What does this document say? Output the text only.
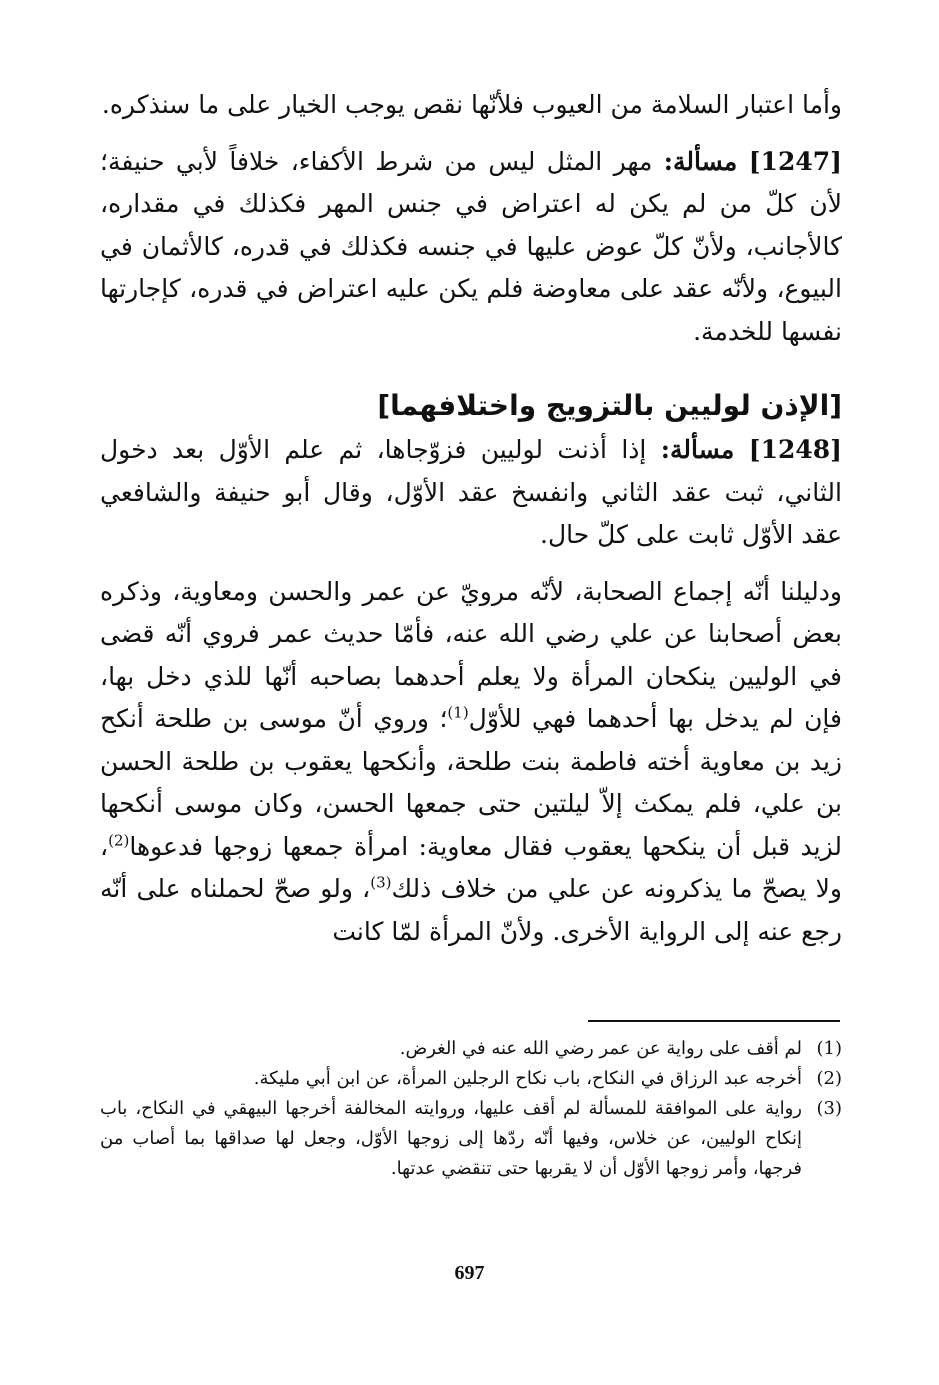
وأما اعتبار السلامة من العيوب فلأنّها نقص يوجب الخيار على ما سنذكره.

[1247] مسألة: مهر المثل ليس من شرط الأكفاء، خلافاً لأبي حنيفة؛ لأن كلّ من لم يكن له اعتراض في جنس المهر فكذلك في مقداره، كالأجانب، ولأنّ كلّ عوض عليها في جنسه فكذلك في قدره، كالأثمان في البيوع، ولأنّه عقد على معاوضة فلم يكن عليه اعتراض في قدره، كإجارتها نفسها للخدمة.

[الإذن لوليين بالتزويج واختلافهما]

[1248] مسألة: إذا أذنت لوليين فزوّجاها، ثم علم الأوّل بعد دخول الثاني، ثبت عقد الثاني وانفسخ عقد الأوّل، وقال أبو حنيفة والشافعي عقد الأوّل ثابت على كلّ حال.

ودليلنا أنّه إجماع الصحابة، لأنّه مرويّ عن عمر والحسن ومعاوية، وذكره بعض أصحابنا عن علي رضي الله عنه، فأمّا حديث عمر فروي أنّه قضى في الوليين ينكحان المرأة ولا يعلم أحدهما بصاحبه أنّها للذي دخل بها، فإن لم يدخل بها أحدهما فهي للأوّل$^{(1)}$؛ وروي أنّ موسى بن طلحة أنكح زيد بن معاوية أخته فاطمة بنت طلحة، وأنكحها يعقوب بن طلحة الحسن بن علي، فلم يمكث إلاّ ليلتين حتى جمعها الحسن، وكان موسى أنكحها لزيد قبل أن ينكحها يعقوب فقال معاوية: امرأة جمعها زوجها فدعوها$^{(2)}$، ولا يصحّ ما يذكرونه عن علي من خلاف ذلك$^{(3)}$، ولو صحّ لحملناه على أنّه رجع عنه إلى الرواية الأخرى. ولأنّ المرأة لمّا كانت

(1)
لم أقف على رواية عن عمر رضي الله عنه في الغرض.
(2)
أخرجه عبد الرزاق في النكاح، باب نكاح الرجلين المرأة، عن ابن أبي مليكة.
(3)
رواية على الموافقة للمسألة لم أقف عليها، وروايته المخالفة أخرجها البيهقي في النكاح، باب إنكاح الوليين، عن خلاس، وفيها أنّه ردّها إلى زوجها الأوّل، وجعل لها صداقها بما أصاب من فرجها، وأمر زوجها الأوّل أن لا يقربها حتى تنقضي عدتها.
697
